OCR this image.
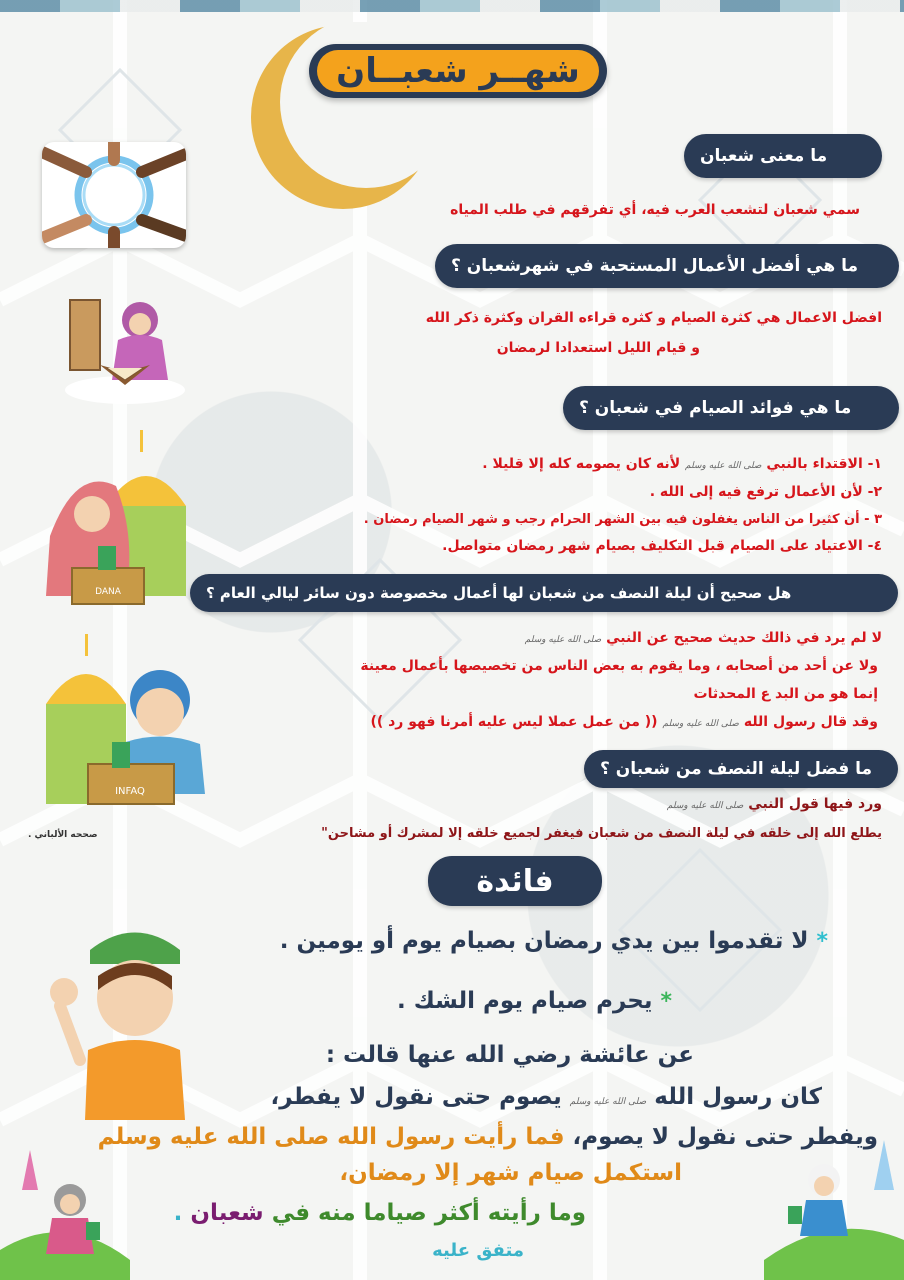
شهــر شعبــان
ما معنى شعبان
سمي شعبان لتشعب العرب فيه، أي تفرقهم في طلب المياه
ما هي أفضل الأعمال المستحبة في شهرشعبان ؟
افضل الاعمال هي كثرة الصيام و كثره قراءه القران وكثرة ذكر الله
و قيام الليل استعدادا لرمضان
ما هي فوائد الصيام في شعبان ؟
DANA
١- الاقتداء بالنبي صلى الله عليه وسلم لأنه كان يصومه كله إلا قليلا .
٢- لأن الأعمال ترفع فيه إلى الله .
٣ - أن كثيرا من الناس يغفلون فيه بين الشهر الحرام رجب و شهر الصيام رمضان .
٤- الاعتياد على الصيام قبل التكليف بصيام شهر رمضان متواصل.
هل صحيح أن ليلة النصف من شعبان لها أعمال مخصوصة دون سائر ليالي العام ؟
INFAQ
لا لم يرد في ذالك حديث صحيح عن النبي صلى الله عليه وسلم
ولا عن أحد من أصحابه ، وما يقوم به بعض الناس من تخصيصها بأعمال معينة
إنما هو من البد ع المحدثات
وقد قال رسول الله صلى الله عليه وسلم (( من عمل عملا ليس عليه أمرنا فهو رد ))
ما فضل ليلة النصف من شعبان ؟
ورد فيها قول النبي صلى الله عليه وسلم
يطلع الله إلى خلقه في ليلة النصف من شعبان فيغفر لجميع خلقه إلا لمشرك أو مشاحن"
صححه الألباني .
فائدة
* لا تقدموا بين يدي رمضان بصيام يوم أو يومين .
* يحرم صيام يوم الشك .
عن عائشة رضي الله عنها قالت :
كان رسول الله صلى الله عليه وسلم يصوم حتى نقول لا يفطر،
ويفطر حتى نقول لا يصوم، فما رأيت رسول الله صلى الله عليه وسلم
استكمل صيام شهر إلا رمضان،
وما رأيته أكثر صياما منه في شعبان .
متفق عليه
